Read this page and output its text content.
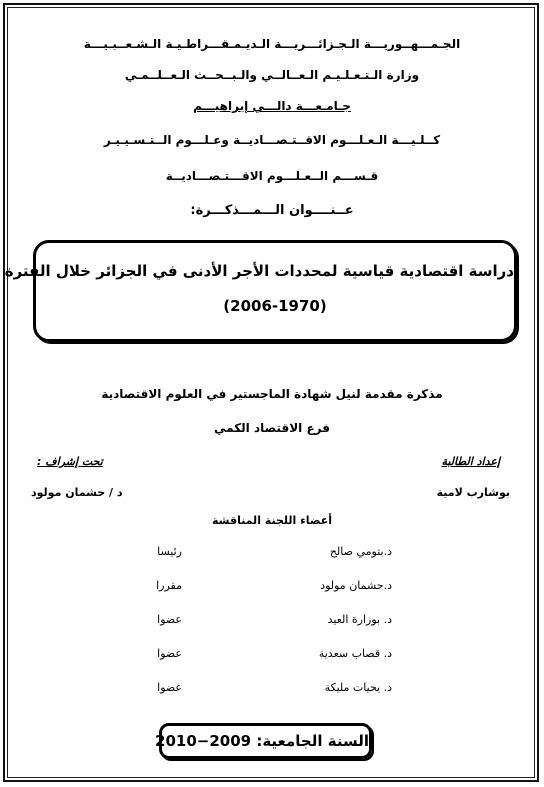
الجـمـــهــوريـــة الـجـزائـــريـــة الـديـمـقـــراطـيـة الـشـعــبـيـــة
وزارة الـتـعـلـيـم الـعــالــي والـبــحــث الـعــلــمـي
جـامـعـــة دالـــي إبراهيـــم
كــلـيـــة الـعـلـــوم الاقــتـصـــاديــة وعـلـــوم الــتـسـيـيـر
قـســـم الــعـلـــوم الاقـــتـصـــاديــة
عــنــــوان الـــمـــذكـــرة:
دراسة اقتصادية قياسية لمحددات الأجر الأدنى في الجزائر خلال الفترة
(2006-1970)
مذكرة مقدمة لنيل شهادة الماجستير في العلوم الاقتصادية
فرع الاقتصاد الكمي
إعداد الطالبة
بوشارب لامية
تحت إشراف :
د / حشمان مولود
أعضاء اللجنة المناقشة
د.بتومي صالح
رئيسا
د.حشمان مولود
مقررا
د. بوزارة العيد
عضوا
د. قصاب سعدية
عضوا
د. يحيات مليكة
عضوا
السنة الجامعية: 2009−2010
